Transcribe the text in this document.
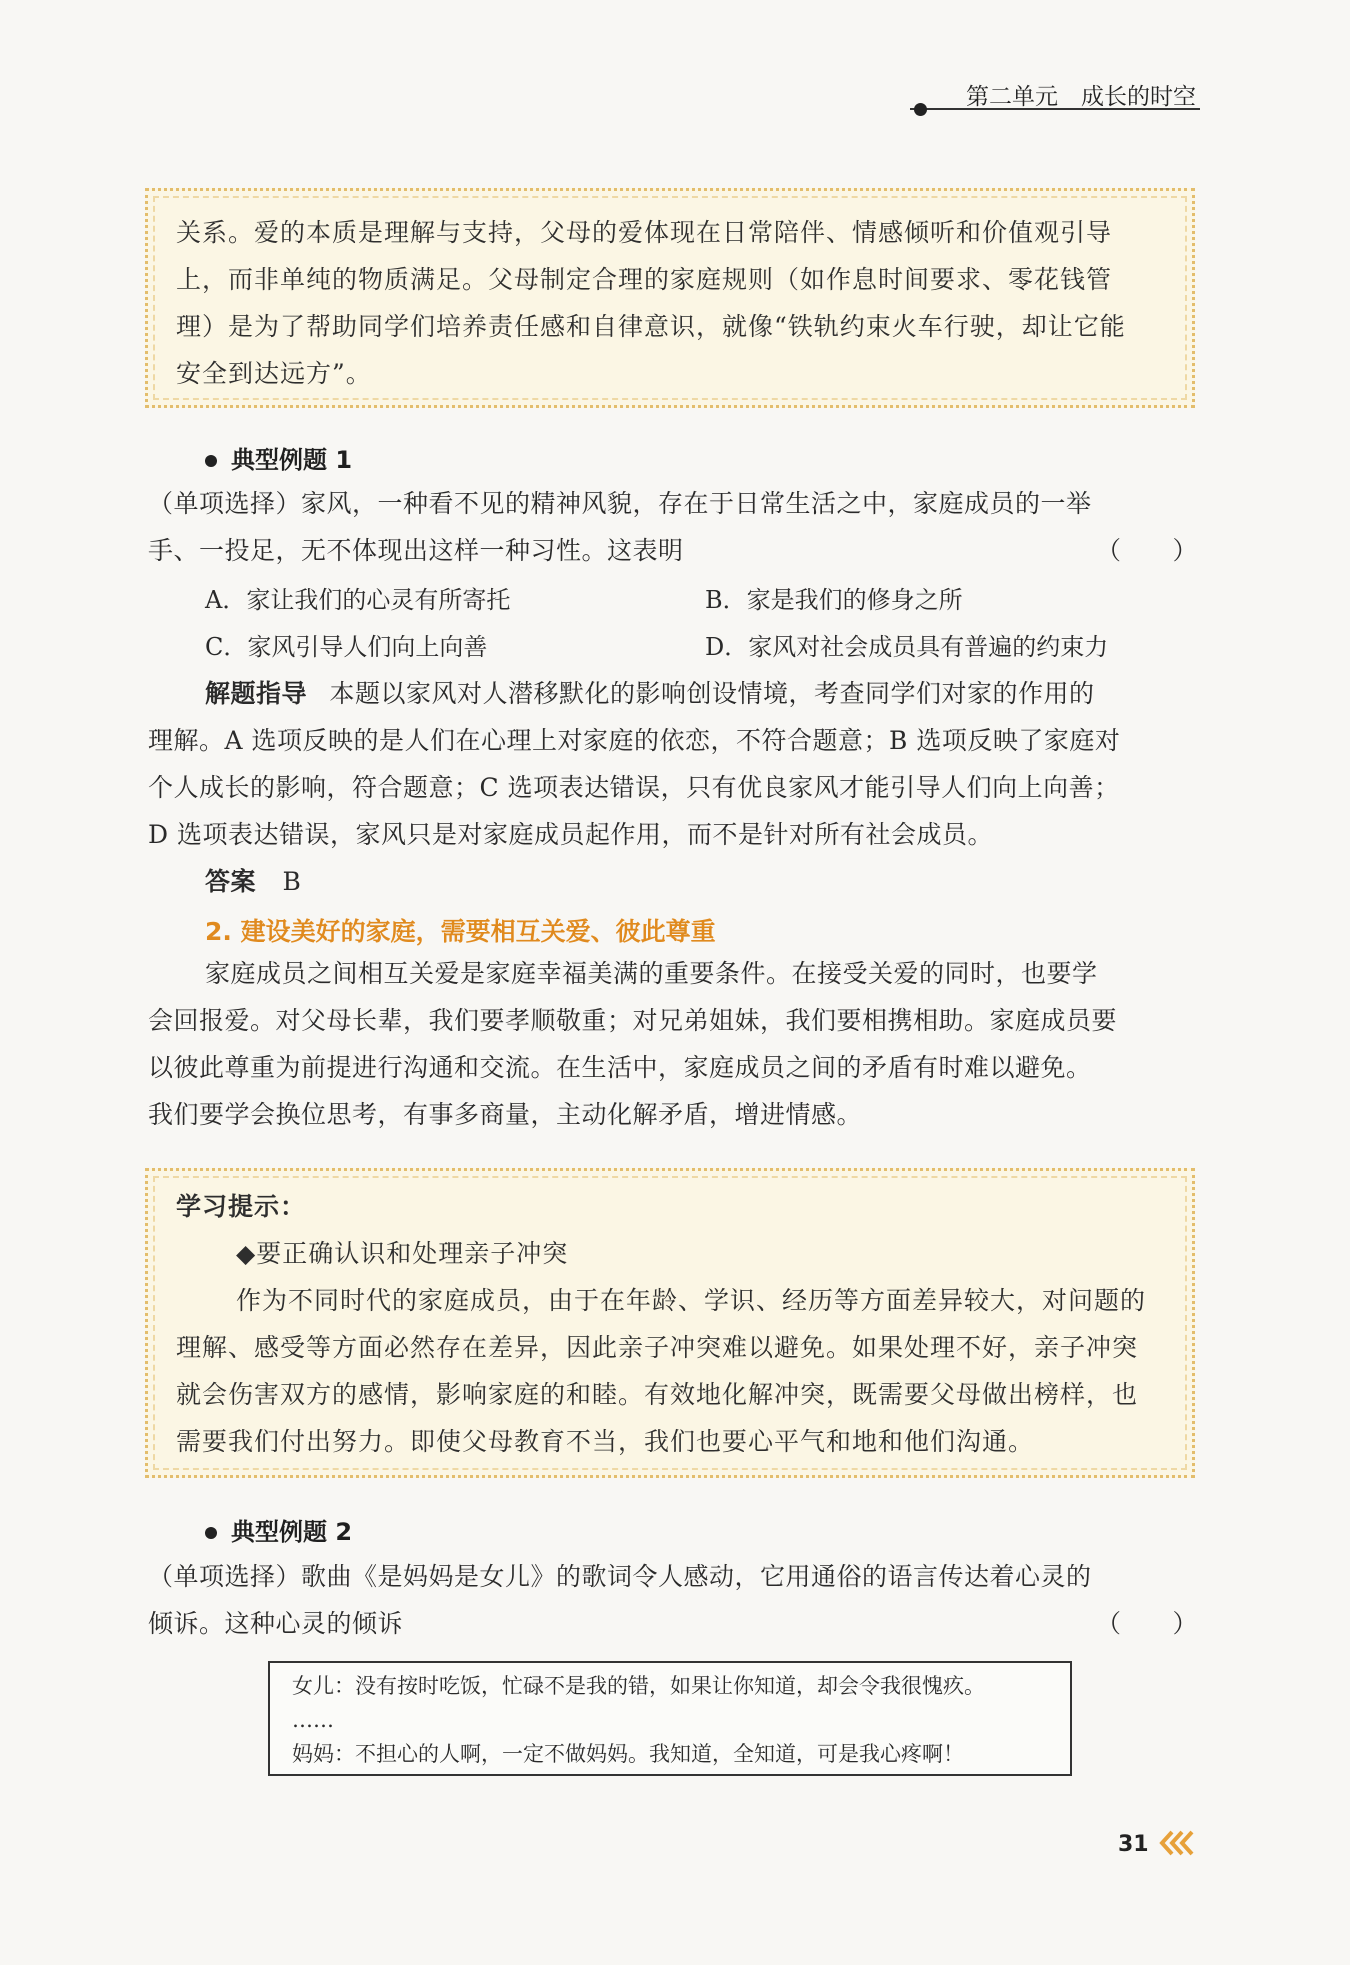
第二单元　成长的时空

关系。爱的本质是理解与支持，父母的爱体现在日常陪伴、情感倾听和价值观引导

上，而非单纯的物质满足。父母制定合理的家庭规则（如作息时间要求、零花钱管

理）是为了帮助同学们培养责任感和自律意识，就像“铁轨约束火车行驶，却让它能

安全到达远方”。

典型例题 1
（单项选择）家风，一种看不见的精神风貌，存在于日常生活之中，家庭成员的一举
手、一投足，无不体现出这样一种习性。这表明	（　　）
A．家让我们的心灵有所寄托	B．家是我们的修身之所
C．家风引导人们向上向善	D．家风对社会成员具有普遍的约束力
解题指导 本题以家风对人潜移默化的影响创设情境，考查同学们对家的作用的
理解。A 选项反映的是人们在心理上对家庭的依恋，不符合题意；B 选项反映了家庭对
个人成长的影响，符合题意；C 选项表达错误，只有优良家风才能引导人们向上向善；
D 选项表达错误，家风只是对家庭成员起作用，而不是针对所有社会成员。
答案 B
2. 建设美好的家庭，需要相互关爱、彼此尊重
家庭成员之间相互关爱是家庭幸福美满的重要条件。在接受关爱的同时，也要学
会回报爱。对父母长辈，我们要孝顺敬重；对兄弟姐妹，我们要相携相助。家庭成员要
以彼此尊重为前提进行沟通和交流。在生活中，家庭成员之间的矛盾有时难以避免。
我们要学会换位思考，有事多商量，主动化解矛盾，增进情感。

学习提示：

◆要正确认识和处理亲子冲突

作为不同时代的家庭成员，由于在年龄、学识、经历等方面差异较大，对问题的

理解、感受等方面必然存在差异，因此亲子冲突难以避免。如果处理不好，亲子冲突

就会伤害双方的感情，影响家庭的和睦。有效地化解冲突，既需要父母做出榜样，也

需要我们付出努力。即使父母教育不当，我们也要心平气和地和他们沟通。

典型例题 2
（单项选择）歌曲《是妈妈是女儿》的歌词令人感动，它用通俗的语言传达着心灵的
倾诉。这种心灵的倾诉	（　　）
女儿：没有按时吃饭，忙碌不是我的错，如果让你知道，却会令我很愧疚。
……
妈妈：不担心的人啊，一定不做妈妈。我知道，全知道，可是我心疼啊！
31
